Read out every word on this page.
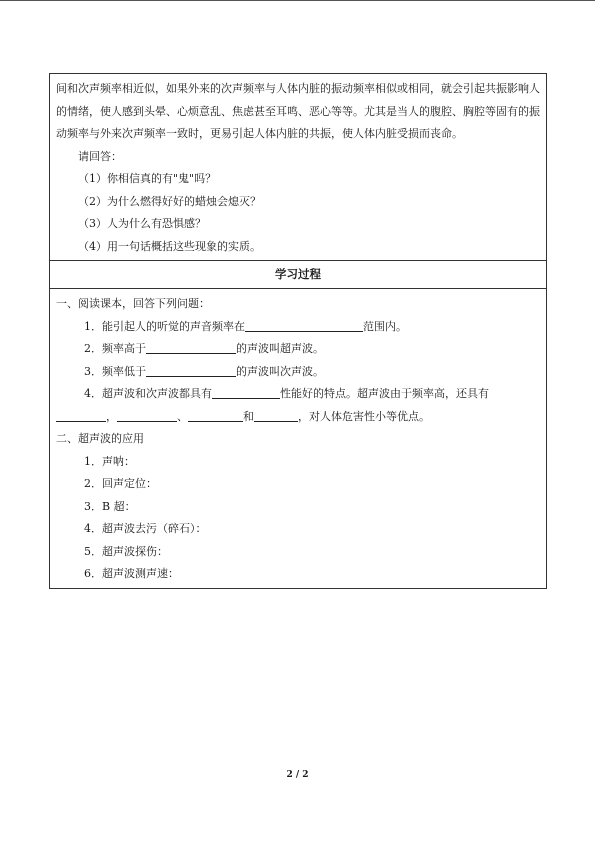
间和次声频率相近似，如果外来的次声频率与人体内脏的振动频率相似或相同，就会引起共振影响人的情绪，使人感到头晕、心烦意乱、焦虑甚至耳鸣、恶心等等。尤其是当人的腹腔、胸腔等固有的振动频率与外来次声频率一致时，更易引起人体内脏的共振，使人体内脏受损而丧命。
请回答：
（1）你相信真的有"鬼"吗？
（2）为什么燃得好好的蜡烛会熄灭？
（3）人为什么有恐惧感？
（4）用一句话概括这些现象的实质。

学习过程

一、阅读课本，回答下列问题：
1．能引起人的听觉的声音频率在	范围内。
2．频率高于	的声波叫超声波。
3．频率低于	的声波叫次声波。
4．超声波和次声波都具有	性能好的特点。超声波由于频率高，还具有
，	、	和	，对人体危害性小等优点。
二、超声波的应用
1．声呐：
2．回声定位：
3．B 超：
4．超声波去污（碎石）：
5．超声波探伤：
6．超声波测声速：
2 / 2
